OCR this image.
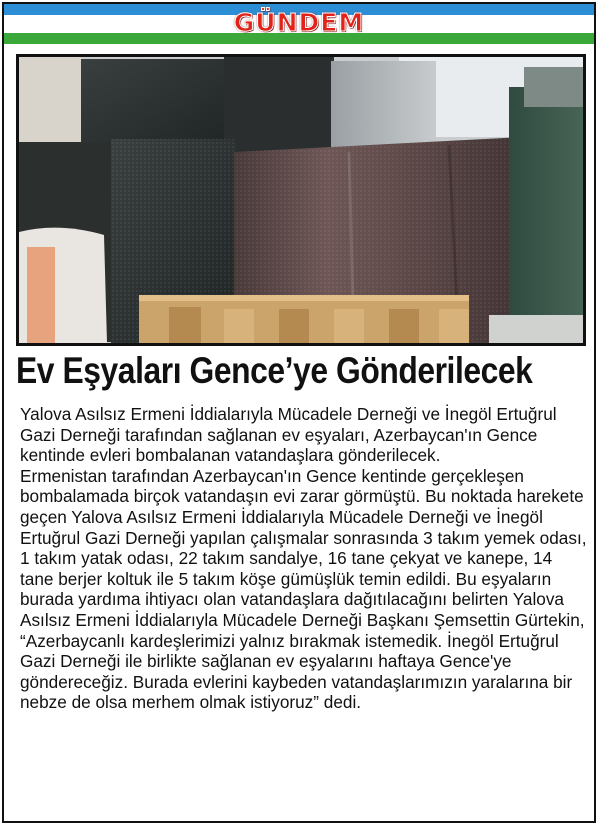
GÜNDEM
Ev Eşyaları Gence’ye Gönderilecek

Yalova Asılsız Ermeni İddialarıyla Mücadele Derneği ve İnegöl Ertuğrul Gazi Derneği tarafından sağlanan ev eşyaları, Azerbaycan'ın Gence kentinde evleri bombalanan vatandaşlara gönderilecek.

Ermenistan tarafından Azerbaycan'ın Gence kentinde gerçekleşen bombalamada birçok vatandaşın evi zarar görmüştü. Bu noktada harekete geçen Yalova Asılsız Ermeni İddialarıyla Mücadele Derneği ve İnegöl Ertuğrul Gazi Derneği yapılan çalışmalar sonrasında 3 takım yemek odası, 1 takım yatak odası, 22 takım sandalye, 16 tane çekyat ve kanepe, 14 tane berjer koltuk ile 5 takım köşe gümüşlük temin edildi. Bu eşyaların burada yardıma ihtiyacı olan vatandaşlara dağıtılacağını belirten Yalova Asılsız Ermeni İddialarıyla Mücadele Derneği Başkanı Şemsettin Gürtekin, “Azerbaycanlı kardeşlerimizi yalnız bırakmak istemedik. İnegöl Ertuğrul Gazi Derneği ile birlikte sağlanan ev eşyalarını haftaya Gence'ye göndereceğiz. Burada evlerini kaybeden vatandaşlarımızın yaralarına bir nebze de olsa merhem olmak istiyoruz” dedi.
